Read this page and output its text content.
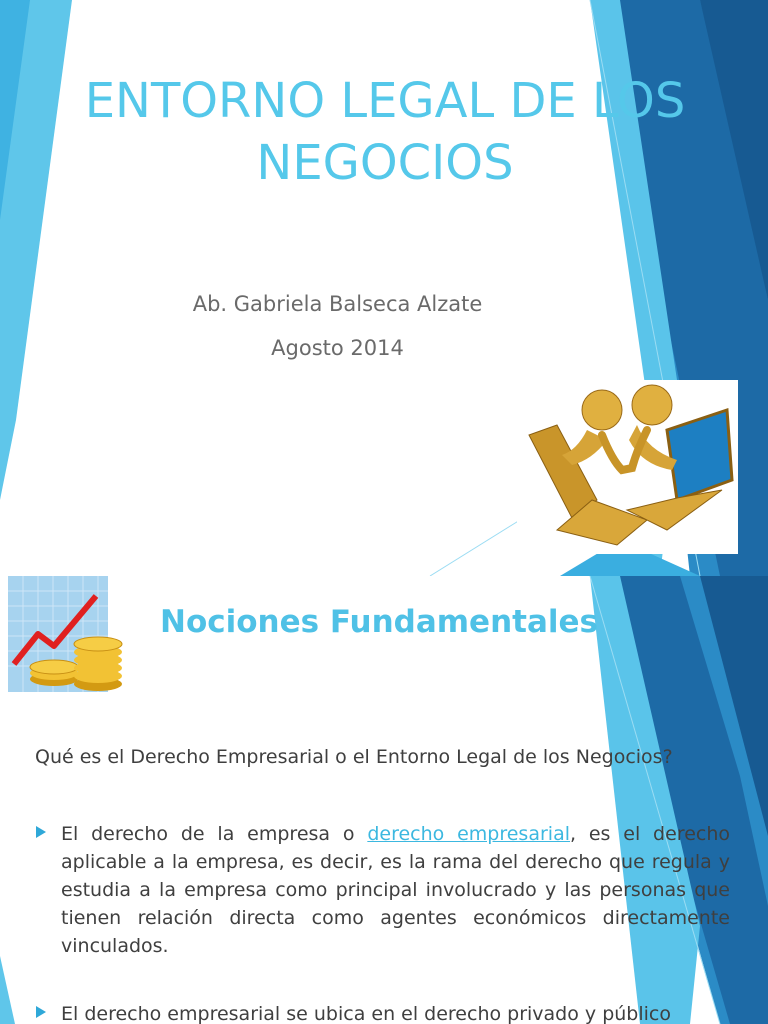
ENTORNO LEGAL DE LOS
NEGOCIOS
Ab. Gabriela Balseca Alzate
Agosto 2014
Nociones Fundamentales
Qué es el Derecho Empresarial o el Entorno Legal de los Negocios?
El derecho de la empresa o derecho empresarial, es el derecho aplicable a la empresa, es decir, es la rama del derecho que regula y estudia a la empresa como principal involucrado y las personas que tienen relación directa como agentes económicos directamente vinculados.
El derecho empresarial se ubica en el derecho privado y público
